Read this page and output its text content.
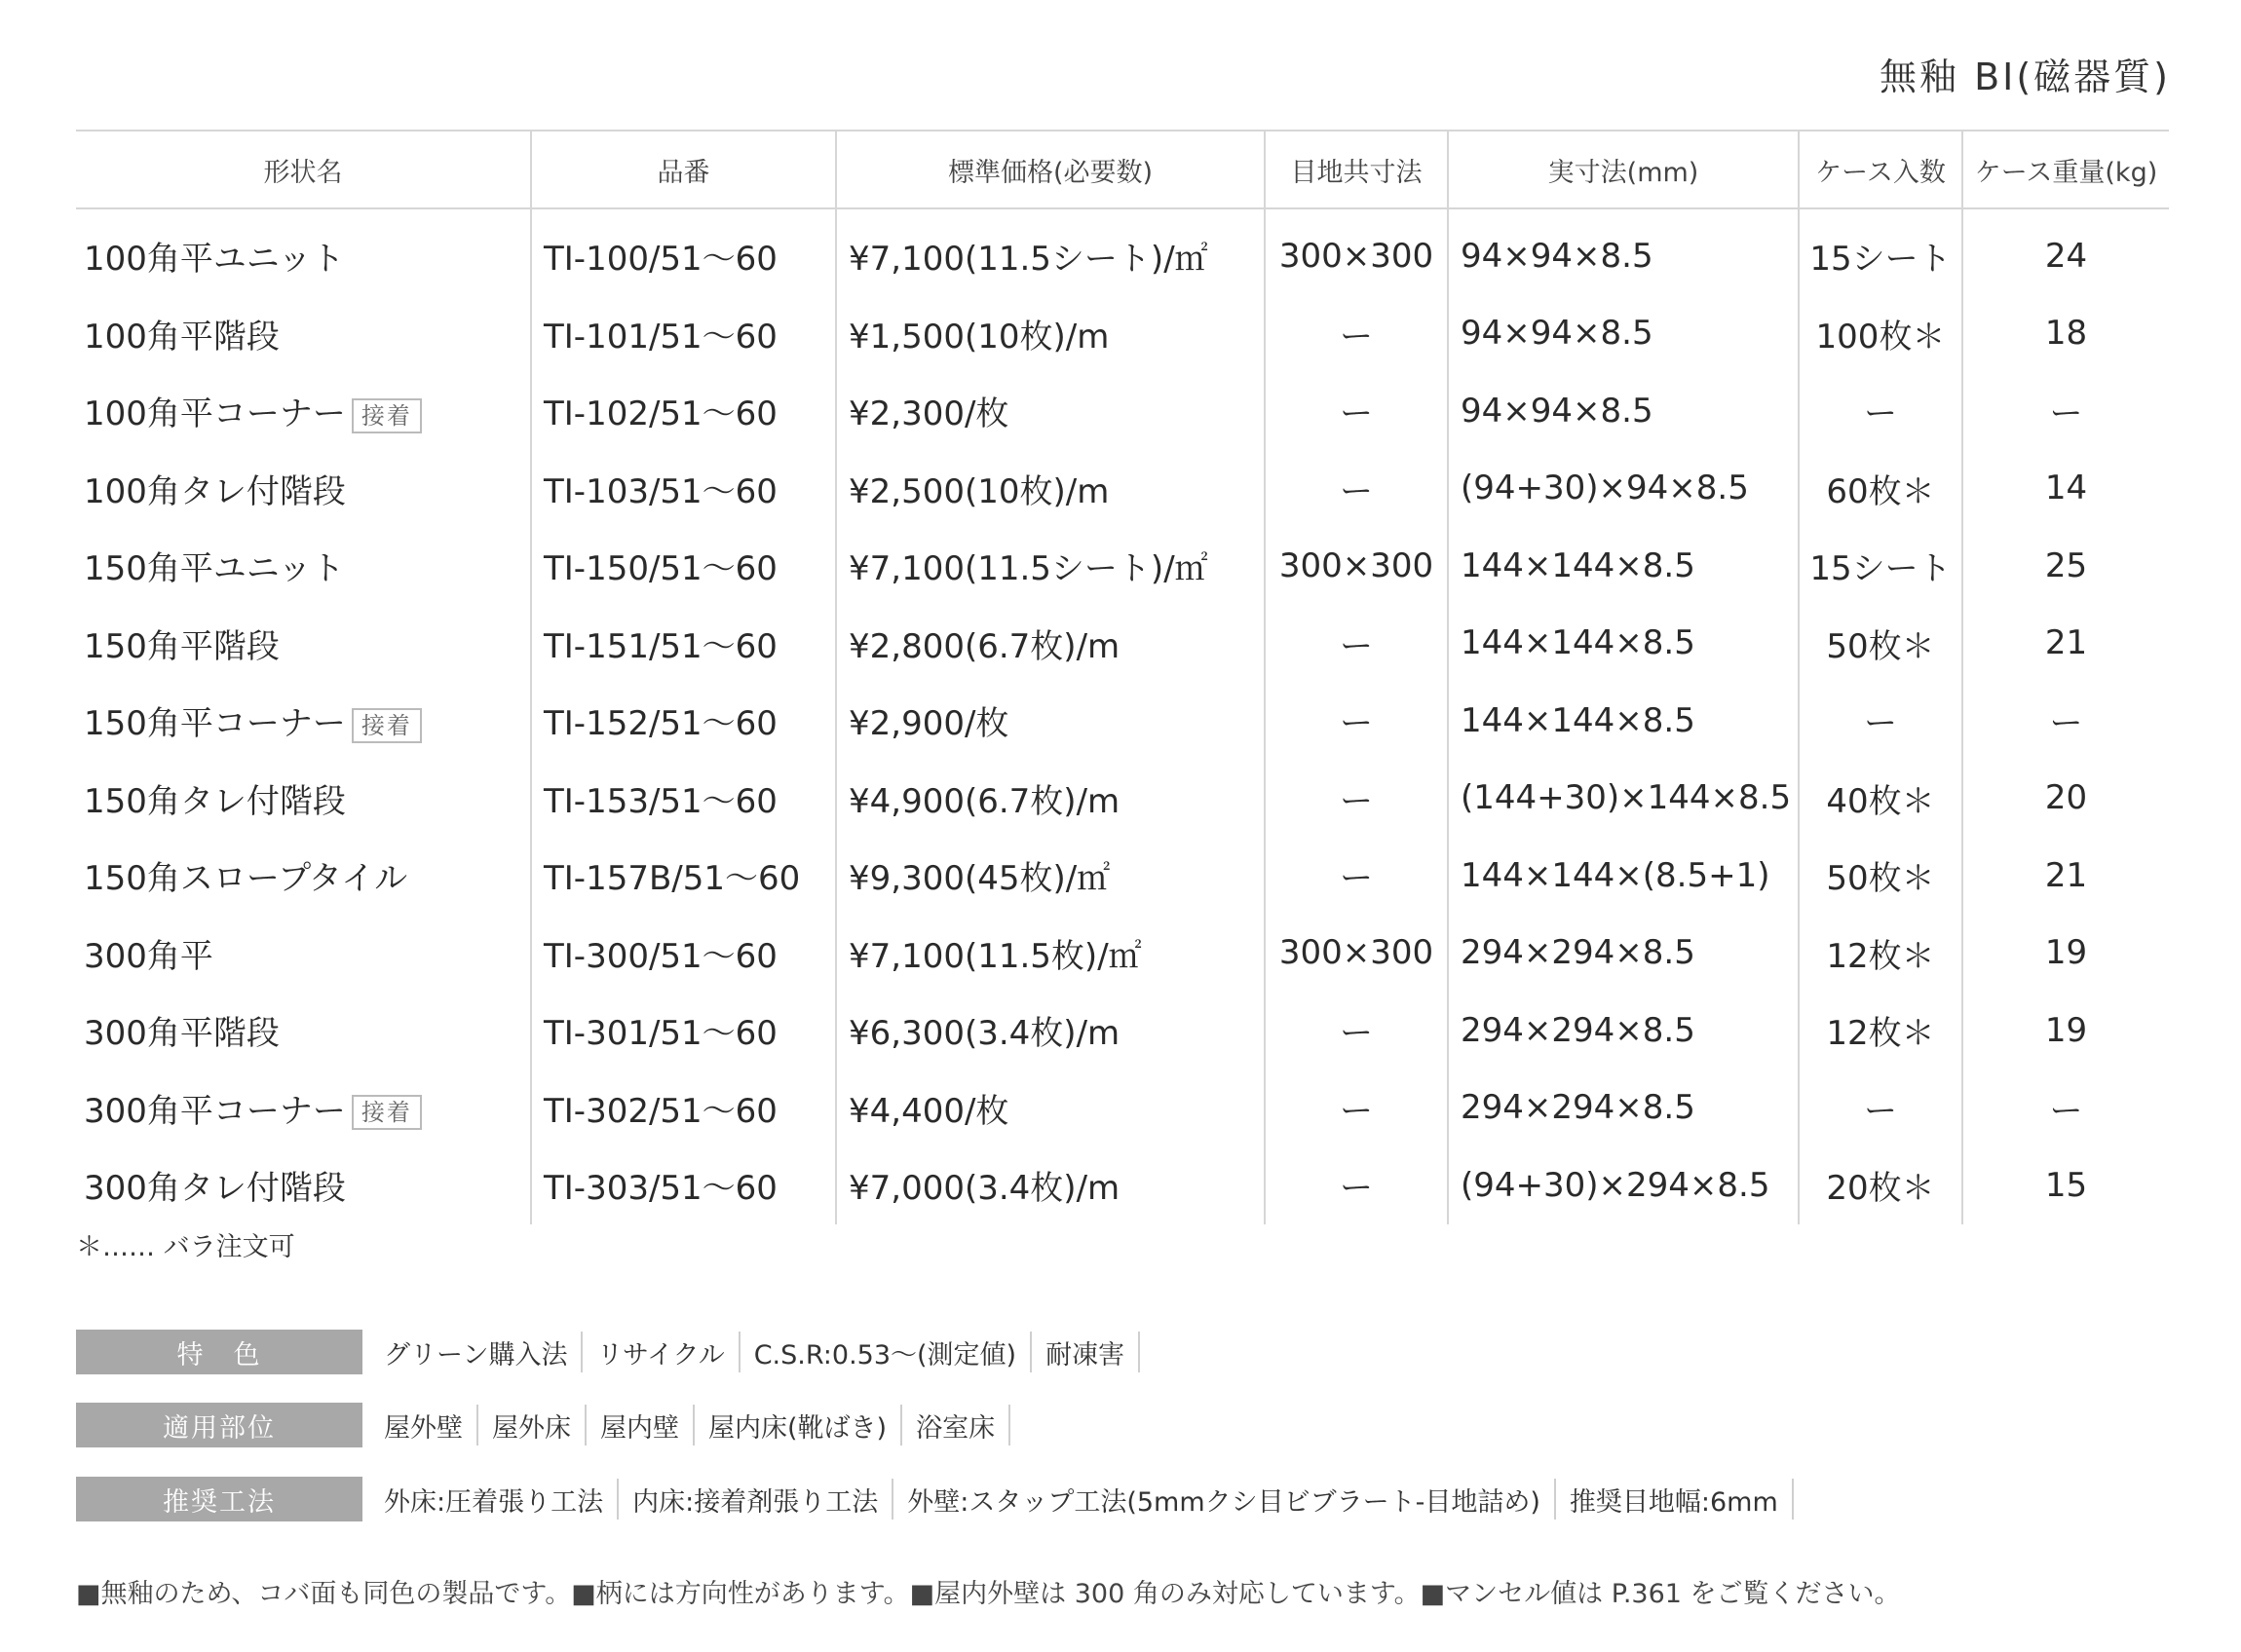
無釉 BI(磁器質)
形状名	品番	標準価格(必要数)	目地共寸法	実寸法(mm)	ケース入数	ケース重量(kg)
100角平ユニット	TI-100/51〜60	¥7,100(11.5シート)/㎡	300×300	94×94×8.5	15シート	24
100角平階段	TI-101/51〜60	¥1,500(10枚)/m	ー	94×94×8.5	100枚＊	18
100角平コーナー 接着	TI-102/51〜60	¥2,300/枚	ー	94×94×8.5	ー	ー
100角タレ付階段	TI-103/51〜60	¥2,500(10枚)/m	ー	(94+30)×94×8.5	60枚＊	14
150角平ユニット	TI-150/51〜60	¥7,100(11.5シート)/㎡	300×300	144×144×8.5	15シート	25
150角平階段	TI-151/51〜60	¥2,800(6.7枚)/m	ー	144×144×8.5	50枚＊	21
150角平コーナー 接着	TI-152/51〜60	¥2,900/枚	ー	144×144×8.5	ー	ー
150角タレ付階段	TI-153/51〜60	¥4,900(6.7枚)/m	ー	(144+30)×144×8.5	40枚＊	20
150角スロープタイル	TI-157B/51〜60	¥9,300(45枚)/㎡	ー	144×144×(8.5+1)	50枚＊	21
300角平	TI-300/51〜60	¥7,100(11.5枚)/㎡	300×300	294×294×8.5	12枚＊	19
300角平階段	TI-301/51〜60	¥6,300(3.4枚)/m	ー	294×294×8.5	12枚＊	19
300角平コーナー 接着	TI-302/51〜60	¥4,400/枚	ー	294×294×8.5	ー	ー
300角タレ付階段	TI-303/51〜60	¥7,000(3.4枚)/m	ー	(94+30)×294×8.5	20枚＊	15
＊…… バラ注文可
特　色	グリーン購入法	リサイクル	C.S.R:0.53〜(測定値)	耐凍害
適用部位	屋外壁	屋外床	屋内壁	屋内床(靴ばき)	浴室床
推奨工法	外床:圧着張り工法	内床:接着剤張り工法	外壁:スタップ工法(5mmクシ目ビブラート-目地詰め)	推奨目地幅:6mm
■無釉のため、コバ面も同色の製品です。■柄には方向性があります。■屋内外壁は 300 角のみ対応しています。■マンセル値は P.361 をご覧ください。
